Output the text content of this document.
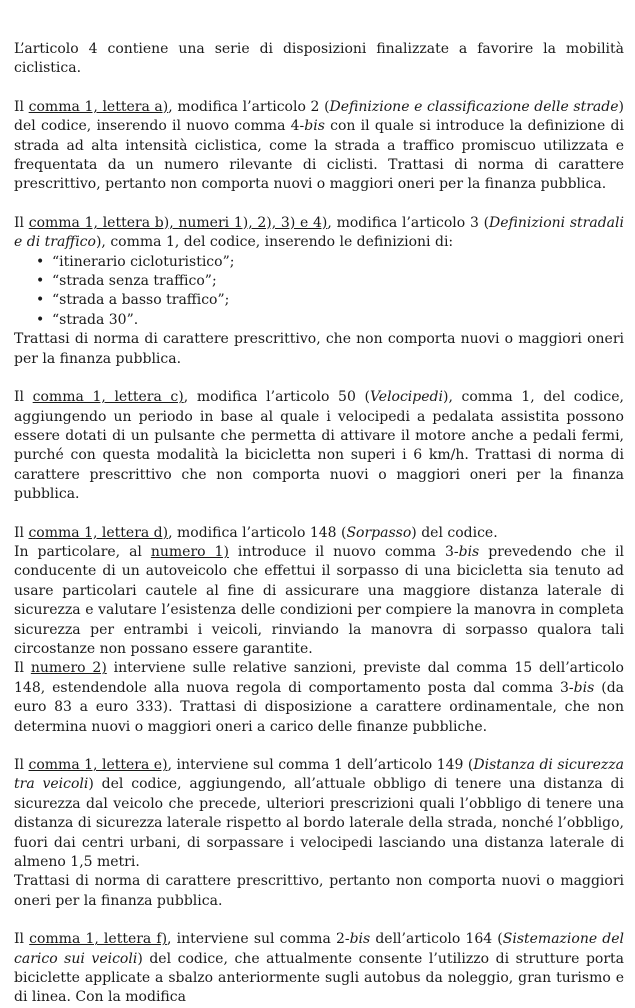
L’articolo 4 contiene una serie di disposizioni finalizzate a favorire la mobilità ciclistica.

Il comma 1, lettera a), modifica l’articolo 2 (Definizione e classificazione delle strade) del codice, inserendo il nuovo comma 4-bis con il quale si introduce la definizione di strada ad alta intensità ciclistica, come la strada a traffico promiscuo utilizzata e frequentata da un numero rilevante di ciclisti. Trattasi di norma di carattere prescrittivo, pertanto non comporta nuovi o maggiori oneri per la finanza pubblica.

Il comma 1, lettera b), numeri 1), 2), 3) e 4), modifica l’articolo 3 (Definizioni stradali e di traffico), comma 1, del codice, inserendo le definizioni di:

• “itinerario cicloturistico”;
• “strada senza traffico”;
• “strada a basso traffico”;
• “strada 30”.

Trattasi di norma di carattere prescrittivo, che non comporta nuovi o maggiori oneri per la finanza pubblica.

Il comma 1, lettera c), modifica l’articolo 50 (Velocipedi), comma 1, del codice, aggiungendo un periodo in base al quale i velocipedi a pedalata assistita possono essere dotati di un pulsante che permetta di attivare il motore anche a pedali fermi, purché con questa modalità la bicicletta non superi i 6 km/h. Trattasi di norma di carattere prescrittivo che non comporta nuovi o maggiori oneri per la finanza pubblica.

Il comma 1, lettera d), modifica l’articolo 148 (Sorpasso) del codice.

In particolare, al numero 1) introduce il nuovo comma 3-bis prevedendo che il conducente di un autoveicolo che effettui il sorpasso di una bicicletta sia tenuto ad usare particolari cautele al fine di assicurare una maggiore distanza laterale di sicurezza e valutare l’esistenza delle condizioni per compiere la manovra in completa sicurezza per entrambi i veicoli, rinviando la manovra di sorpasso qualora tali circostanze non possano essere garantite.

Il numero 2) interviene sulle relative sanzioni, previste dal comma 15 dell’articolo 148, estendendole alla nuova regola di comportamento posta dal comma 3-bis (da euro 83 a euro 333). Trattasi di disposizione a carattere ordinamentale, che non determina nuovi o maggiori oneri a carico delle finanze pubbliche.

Il comma 1, lettera e), interviene sul comma 1 dell’articolo 149 (Distanza di sicurezza tra veicoli) del codice, aggiungendo, all’attuale obbligo di tenere una distanza di sicurezza dal veicolo che precede, ulteriori prescrizioni quali l’obbligo di tenere una distanza di sicurezza laterale rispetto al bordo laterale della strada, nonché l’obbligo, fuori dai centri urbani, di sorpassare i velocipedi lasciando una distanza laterale di almeno 1,5 metri.

Trattasi di norma di carattere prescrittivo, pertanto non comporta nuovi o maggiori oneri per la finanza pubblica.

Il comma 1, lettera f), interviene sul comma 2-bis dell’articolo 164 (Sistemazione del carico sui veicoli) del codice, che attualmente consente l’utilizzo di strutture porta biciclette applicate a sbalzo anteriormente sugli autobus da noleggio, gran turismo e di linea. Con la modifica
